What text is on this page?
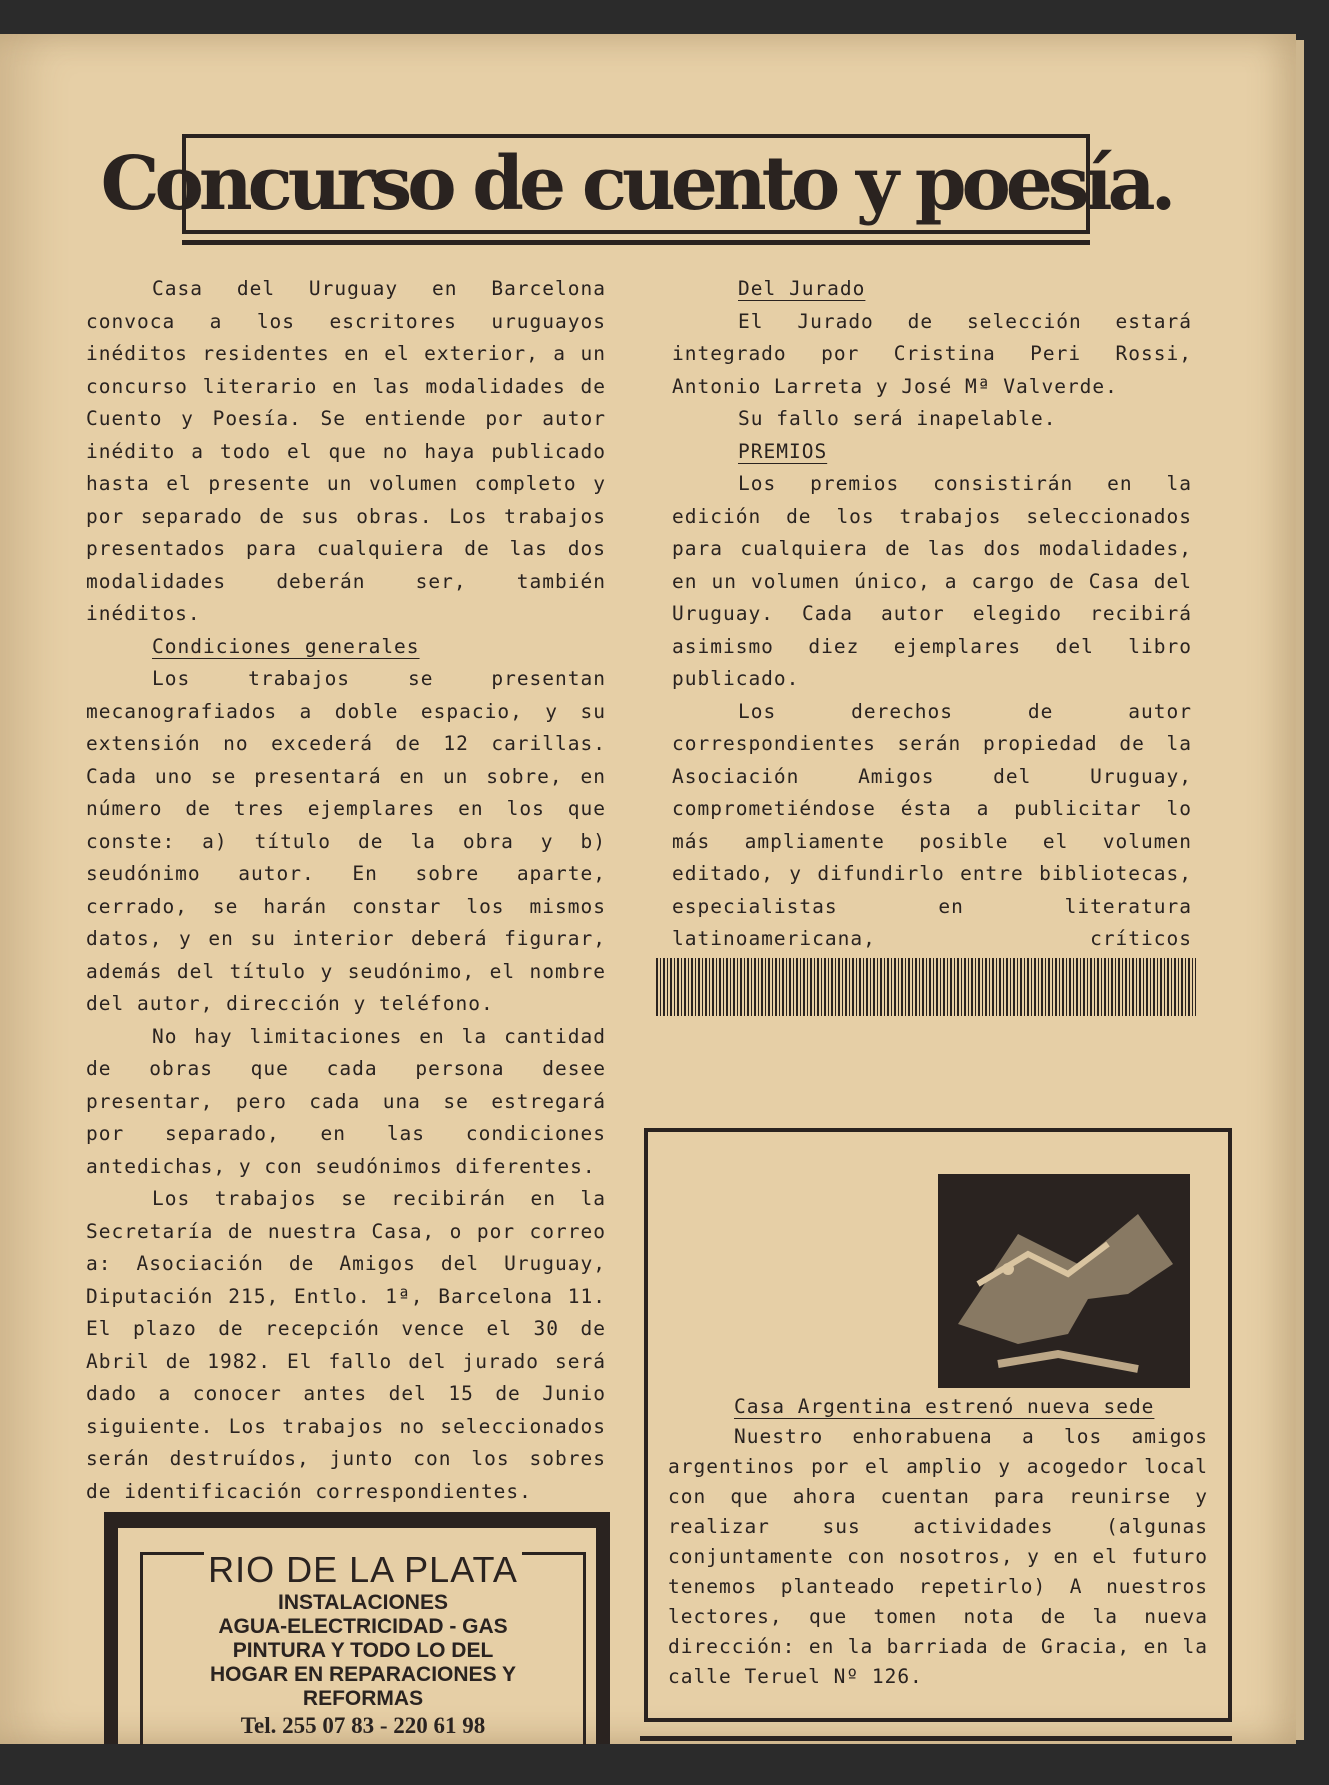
Concurso de cuento y poesía.

Casa del Uruguay en Barcelona convoca a los escritores uruguayos inéditos residentes en el exterior, a un concurso literario en las modalidades de Cuento y Poesía. Se entiende por autor inédito a todo el que no haya publicado hasta el presente un volumen completo y por separado de sus obras. Los trabajos presentados para cualquiera de las dos modalidades deberán ser, también inéditos.

Condiciones generales

Los trabajos se presentan mecanografiados a doble espacio, y su extensión no excederá de 12 carillas. Cada uno se presentará en un sobre, en número de tres ejemplares en los que conste: a) título de la obra y b) seudónimo autor. En sobre aparte, cerrado, se harán constar los mismos datos, y en su interior deberá figurar, además del título y seudónimo, el nombre del autor, dirección y teléfono.

No hay limitaciones en la cantidad de obras que cada persona desee presentar, pero cada una se estregará por separado, en las condiciones antedichas, y con seudónimos diferentes.

Los trabajos se recibirán en la Secretaría de nuestra Casa, o por correo a: Asociación de Amigos del Uruguay, Diputación 215, Entlo. 1ª, Barcelona 11. El plazo de recepción vence el 30 de Abril de 1982. El fallo del jurado será dado a conocer antes del 15 de Junio siguiente. Los trabajos no seleccionados serán destruídos, junto con los sobres de identificación correspondientes.

Del Jurado

El Jurado de selección estará integrado por Cristina Peri Rossi, Antonio Larreta y José Mª Valverde.

Su fallo será inapelable.

PREMIOS

Los premios consistirán en la edición de los trabajos seleccionados para cualquiera de las dos modalidades, en un volumen único, a cargo de Casa del Uruguay. Cada autor elegido recibirá asimismo diez ejemplares del libro publicado.

Los derechos de autor correspondientes serán propiedad de la Asociación Amigos del Uruguay, comprometiéndose ésta a publicitar lo más ampliamente posible el volumen editado, y difundirlo entre bibliotecas, especialistas en literatura latinoamericana, críticos

Casa Argentina estrenó nueva sede

Nuestro enhorabuena a los amigos argentinos por el amplio y acogedor local con que ahora cuentan para reunirse y realizar sus actividades (algunas conjuntamente con nosotros, y en el futuro tenemos planteado repetirlo) A nuestros lectores, que tomen nota de la nueva dirección: en la barriada de Gracia, en la calle Teruel Nº 126.

RIO DE LA PLATA
INSTALACIONES
AGUA-ELECTRICIDAD - GAS
PINTURA Y TODO LO DEL
HOGAR EN REPARACIONES Y
REFORMAS
Tel. 255 07 83 - 220 61 98
